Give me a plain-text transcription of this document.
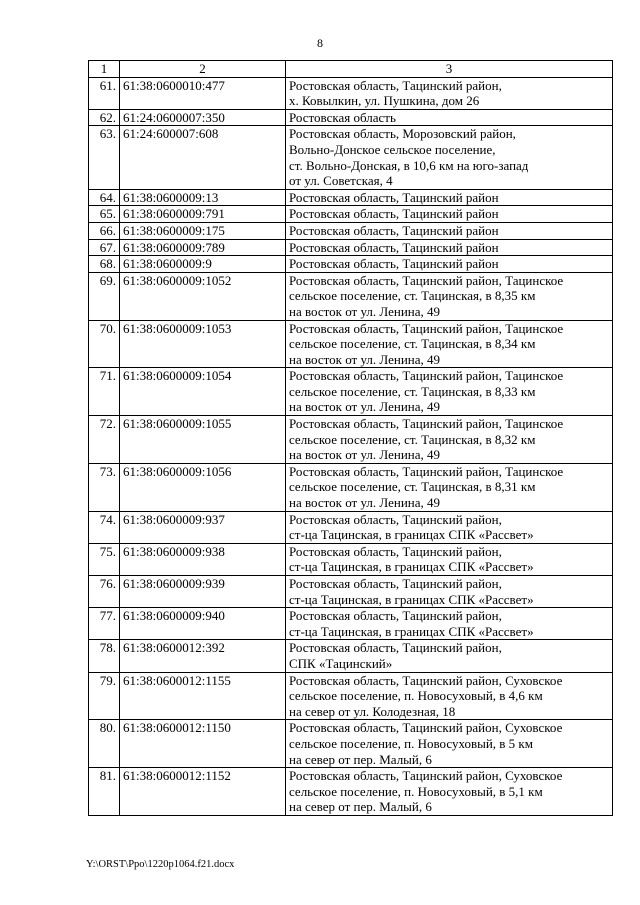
8
1	2	3
61.	61:38:0600010:477	Ростовская область, Тацинский район,
х. Ковылкин, ул. Пушкина, дом 26

62.	61:24:0600007:350	Ростовская область

63.	61:24:600007:608	Ростовская область, Морозовский район,
Вольно-Донское сельское поселение,
ст. Вольно-Донская, в 10,6 км на юго-запад
от ул. Советская, 4

64.	61:38:0600009:13	Ростовская область, Тацинский район

65.	61:38:0600009:791	Ростовская область, Тацинский район

66.	61:38:0600009:175	Ростовская область, Тацинский район

67.	61:38:0600009:789	Ростовская область, Тацинский район

68.	61:38:0600009:9	Ростовская область, Тацинский район

69.	61:38:0600009:1052	Ростовская область, Тацинский район, Тацинское
сельское поселение, ст. Тацинская, в 8,35 км
на восток от ул. Ленина, 49

70.	61:38:0600009:1053	Ростовская область, Тацинский район, Тацинское
сельское поселение, ст. Тацинская, в 8,34 км
на восток от ул. Ленина, 49

71.	61:38:0600009:1054	Ростовская область, Тацинский район, Тацинское
сельское поселение, ст. Тацинская, в 8,33 км
на восток от ул. Ленина, 49

72.	61:38:0600009:1055	Ростовская область, Тацинский район, Тацинское
сельское поселение, ст. Тацинская, в 8,32 км
на восток от ул. Ленина, 49

73.	61:38:0600009:1056	Ростовская область, Тацинский район, Тацинское
сельское поселение, ст. Тацинская, в 8,31 км
на восток от ул. Ленина, 49

74.	61:38:0600009:937	Ростовская область, Тацинский район,
ст-ца Тацинская, в границах СПК «Рассвет»

75.	61:38:0600009:938	Ростовская область, Тацинский район,
ст-ца Тацинская, в границах СПК «Рассвет»

76.	61:38:0600009:939	Ростовская область, Тацинский район,
ст-ца Тацинская, в границах СПК «Рассвет»

77.	61:38:0600009:940	Ростовская область, Тацинский район,
ст-ца Тацинская, в границах СПК «Рассвет»

78.	61:38:0600012:392	Ростовская область, Тацинский район,
СПК «Тацинский»

79.	61:38:0600012:1155	Ростовская область, Тацинский район, Суховское
сельское поселение, п. Новосуховый, в 4,6 км
на север от ул. Колодезная, 18

80.	61:38:0600012:1150	Ростовская область, Тацинский район, Суховское
сельское поселение, п. Новосуховый, в 5 км
на север от пер. Малый, 6

81.	61:38:0600012:1152	Ростовская область, Тацинский район, Суховское
сельское поселение, п. Новосуховый, в 5,1 км
на север от пер. Малый, 6
Y:\ORST\Ppo\1220p1064.f21.docx
